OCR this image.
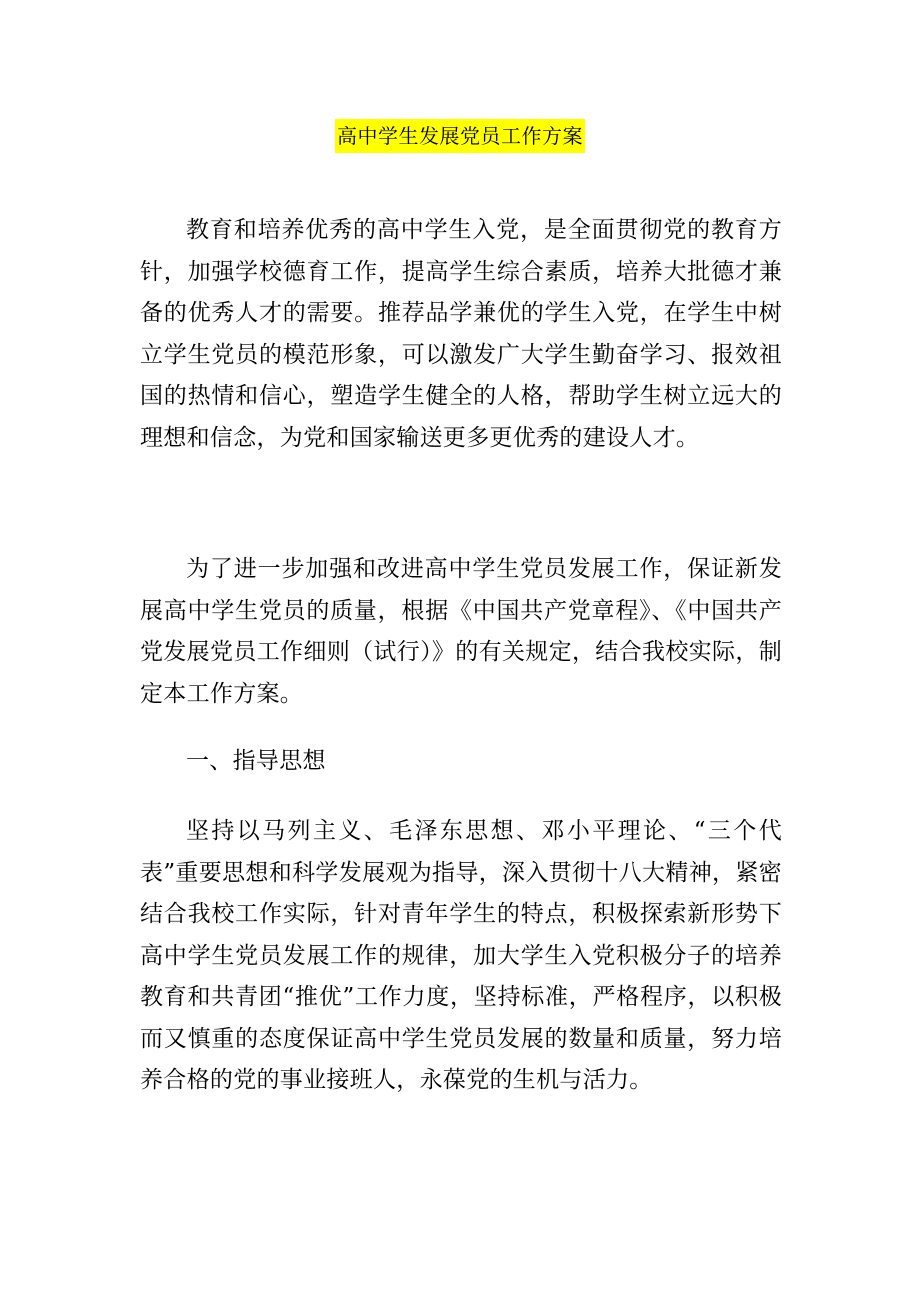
高中学生发展党员工作方案

教育和培养优秀的高中学生入党，是全面贯彻党的教育方针，加强学校德育工作，提高学生综合素质，培养大批德才兼备的优秀人才的需要。推荐品学兼优的学生入党，在学生中树立学生党员的模范形象，可以激发广大学生勤奋学习、报效祖国的热情和信心，塑造学生健全的人格，帮助学生树立远大的理想和信念，为党和国家输送更多更优秀的建设人才。

为了进一步加强和改进高中学生党员发展工作，保证新发展高中学生党员的质量，根据《中国共产党章程》、《中国共产党发展党员工作细则（试行）》的有关规定，结合我校实际，制定本工作方案。

一、指导思想

坚持以马列主义、毛泽东思想、邓小平理论、“三个代表”重要思想和科学发展观为指导，深入贯彻十八大精神，紧密结合我校工作实际，针对青年学生的特点，积极探索新形势下高中学生党员发展工作的规律，加大学生入党积极分子的培养教育和共青团“推优”工作力度，坚持标准，严格程序，以积极而又慎重的态度保证高中学生党员发展的数量和质量，努力培养合格的党的事业接班人，永葆党的生机与活力。
